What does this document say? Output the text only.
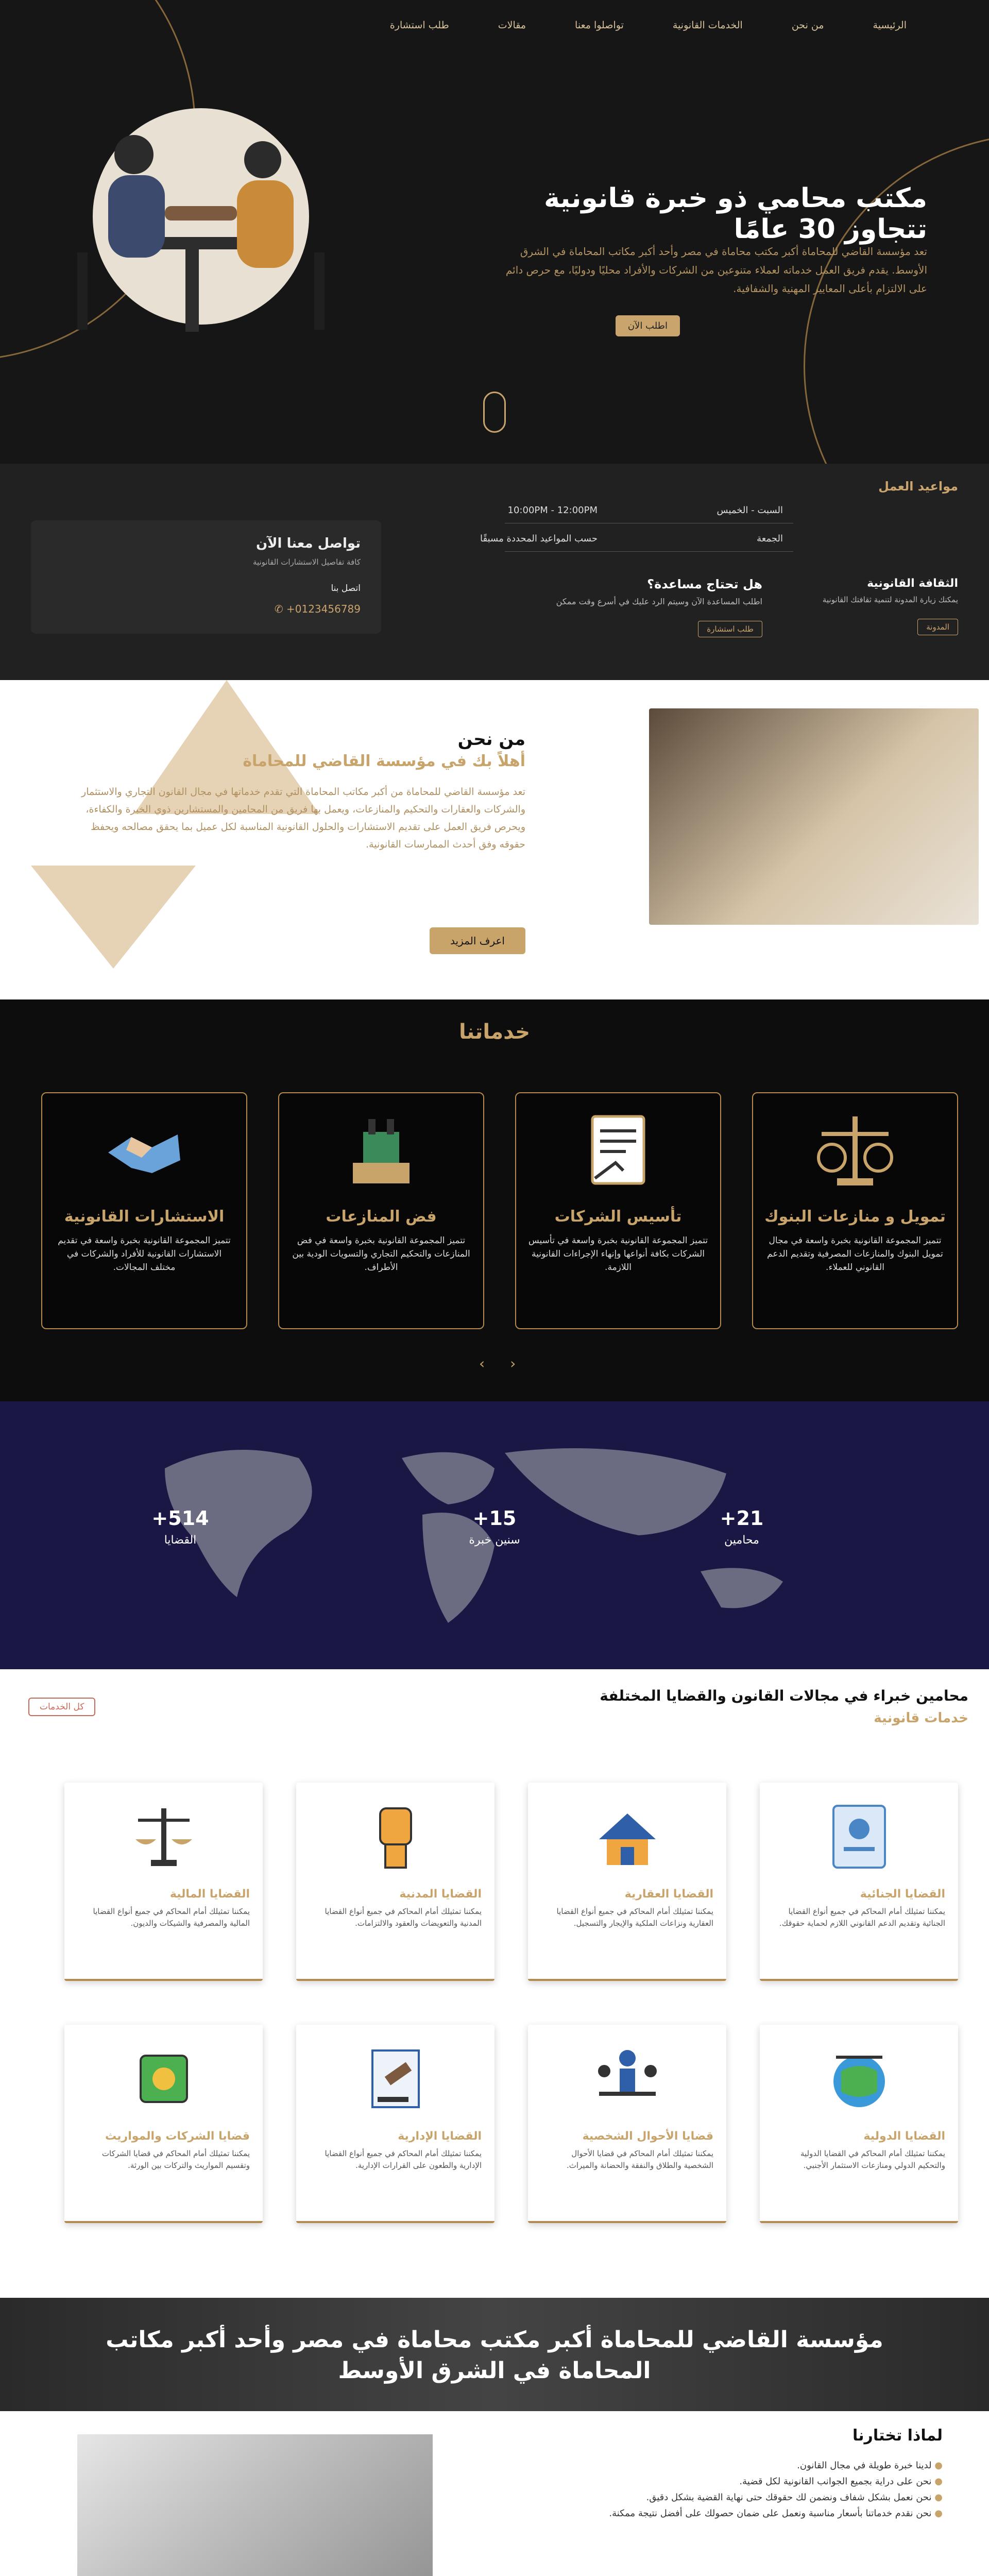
الرئيسية
من نحن
الخدمات القانونية
تواصلوا معنا
مقالات
طلب استشارة
مكتب محامي ذو خبرة قانونية تتجاوز 30 عامًا

تعد مؤسسة القاضي للمحاماة أكبر مكتب محاماة في مصر وأحد أكبر مكاتب المحاماة في الشرق الأوسط. يقدم فريق العمل خدماته لعملاء متنوعين من الشركات والأفراد محليًا ودوليًا، مع حرص دائم على الالتزام بأعلى المعايير المهنية والشفافية.

اطلب الآن
مواعيد العمل
السبت - الخميس
10:00PM - 12:00PM
الجمعة
حسب المواعيد المحددة مسبقًا
الثقافة القانونية
يمكنك زيارة المدونة لتنمية ثقافتك القانونية
المدونة
هل تحتاج مساعدة؟
اطلب المساعدة الآن وسيتم الرد عليك في أسرع وقت ممكن
طلب استشارة
تواصل معنا الآن
كافة تفاصيل الاستشارات القانونية
اتصل بنا
✆ +0123456789
من نحن
أهلاً بك في مؤسسة القاضي للمحاماة

تعد مؤسسة القاضي للمحاماة من أكبر مكاتب المحاماة التي تقدم خدماتها في مجال القانون التجاري والاستثمار والشركات والعقارات والتحكيم والمنازعات، ويعمل بها فريق من المحامين والمستشارين ذوي الخبرة والكفاءة، ويحرص فريق العمل على تقديم الاستشارات والحلول القانونية المناسبة لكل عميل بما يحقق مصالحه ويحفظ حقوقه وفق أحدث الممارسات القانونية.

اعرف المزيد
خدماتنا
تمويل و منازعات البنوك

تتميز المجموعة القانونية بخبرة واسعة في مجال تمويل البنوك والمنازعات المصرفية وتقديم الدعم القانوني للعملاء.

تأسيس الشركات

تتميز المجموعة القانونية بخبرة واسعة في تأسيس الشركات بكافة أنواعها وإنهاء الإجراءات القانونية اللازمة.

فض المنازعات

تتميز المجموعة القانونية بخبرة واسعة في فض المنازعات والتحكيم التجاري والتسويات الودية بين الأطراف.

الاستشارات القانونية

تتميز المجموعة القانونية بخبرة واسعة في تقديم الاستشارات القانونية للأفراد والشركات في مختلف المجالات.

‹ ›
21+
محامين
15+
سنين خبرة
514+
القضايا
محامين خبراء في مجالات القانون والقضايا المختلفة
خدمات قانونية
كل الخدمات
القضايا الجنائية

يمكننا تمثيلك أمام المحاكم في جميع أنواع القضايا الجنائية وتقديم الدعم القانوني اللازم لحماية حقوقك.

القضايا العقارية

يمكننا تمثيلك أمام المحاكم في جميع أنواع القضايا العقارية ونزاعات الملكية والإيجار والتسجيل.

القضايا المدنية

يمكننا تمثيلك أمام المحاكم في جميع أنواع القضايا المدنية والتعويضات والعقود والالتزامات.

القضايا المالية

يمكننا تمثيلك أمام المحاكم في جميع أنواع القضايا المالية والمصرفية والشيكات والديون.

القضايا الدولية

يمكننا تمثيلك أمام المحاكم في القضايا الدولية والتحكيم الدولي ومنازعات الاستثمار الأجنبي.

قضايا الأحوال الشخصية

يمكننا تمثيلك أمام المحاكم في قضايا الأحوال الشخصية والطلاق والنفقة والحضانة والميراث.

القضايا الإدارية

يمكننا تمثيلك أمام المحاكم في جميع أنواع القضايا الإدارية والطعون على القرارات الإدارية.

قضايا الشركات والمواريث

يمكننا تمثيلك أمام المحاكم في قضايا الشركات وتقسيم المواريث والتركات بين الورثة.

مؤسسة القاضي للمحاماة أكبر مكتب محاماة في مصر وأحد أكبر مكاتب المحاماة في الشرق الأوسط
لماذا تختارنا
● لدينا خبرة طويلة في مجال القانون.
● نحن على دراية بجميع الجوانب القانونية لكل قضية.
● نحن نعمل بشكل شفاف ونضمن لك حقوقك حتى نهاية القضية بشكل دقيق.
● نحن نقدم خدماتنا بأسعار مناسبة ونعمل على ضمان حصولك على أفضل نتيجة ممكنة.
